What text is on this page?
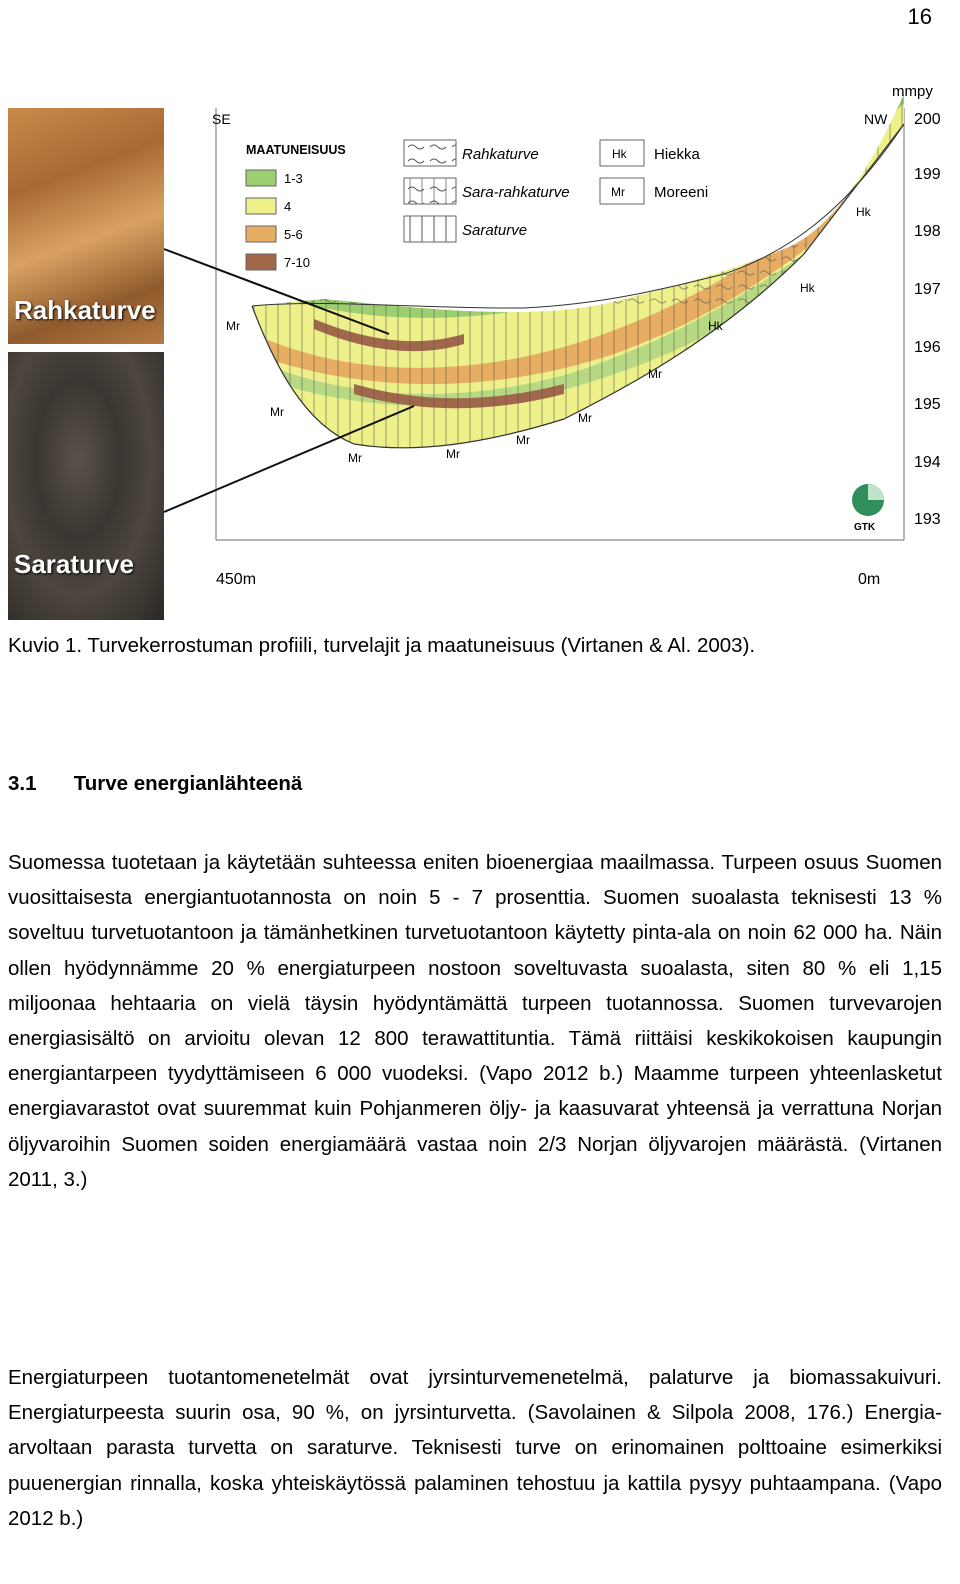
16
Rahkaturve
Saraturve
SE	NW
mmpy
200
199
198
197
196
195
194
193
450m	0m
MAATUNEISUUS
1-3
4
5-6
7-10
Rahkaturve
Sara-rahkaturve
Saraturve
Hk Hiekka
Mr Moreeni
Mr
Mr
Mr	Mr
Mr
Mr
Mr
Hk
Hk
Hk
GTK
Kuvio 1. Turvekerrostuman profiili, turvelajit ja maatuneisuus (Virtanen & Al. 2003).
3.1 Turve energianlähteenä
Suomessa tuotetaan ja käytetään suhteessa eniten bioenergiaa maailmassa. Turpeen osuus Suomen vuosittaisesta energiantuotannosta on noin 5 - 7 prosenttia. Suomen suoalasta teknisesti 13 % soveltuu turvetuotantoon ja tämänhetkinen turvetuotantoon käytetty pinta-ala on noin 62 000 ha. Näin ollen hyödynnämme 20 % energiaturpeen nostoon soveltuvasta suoalasta, siten 80 % eli 1,15 miljoonaa hehtaaria on vielä täysin hyödyntämättä turpeen tuotannossa. Suomen turvevarojen energiasisältö on arvioitu olevan 12 800 terawattituntia. Tämä riittäisi keskikokoisen kaupungin energiantarpeen tyydyttämiseen 6 000 vuodeksi. (Vapo 2012 b.) Maamme turpeen yhteenlasketut energiavarastot ovat suuremmat kuin Pohjanmeren öljy- ja kaasuvarat yhteensä ja verrattuna Norjan öljyvaroihin Suomen soiden energiamäärä vastaa noin 2/3 Norjan öljyvarojen määrästä. (Virtanen 2011, 3.)
Energiaturpeen tuotantomenetelmät ovat jyrsinturvemenetelmä, palaturve ja biomassakuivuri. Energiaturpeesta suurin osa, 90 %, on jyrsinturvetta. (Savolainen & Silpola 2008, 176.) Energia-arvoltaan parasta turvetta on saraturve. Teknisesti turve on erinomainen polttoaine esimerkiksi puuenergian rinnalla, koska yhteiskäytössä palaminen tehostuu ja kattila pysyy puhtaampana. (Vapo 2012 b.)
